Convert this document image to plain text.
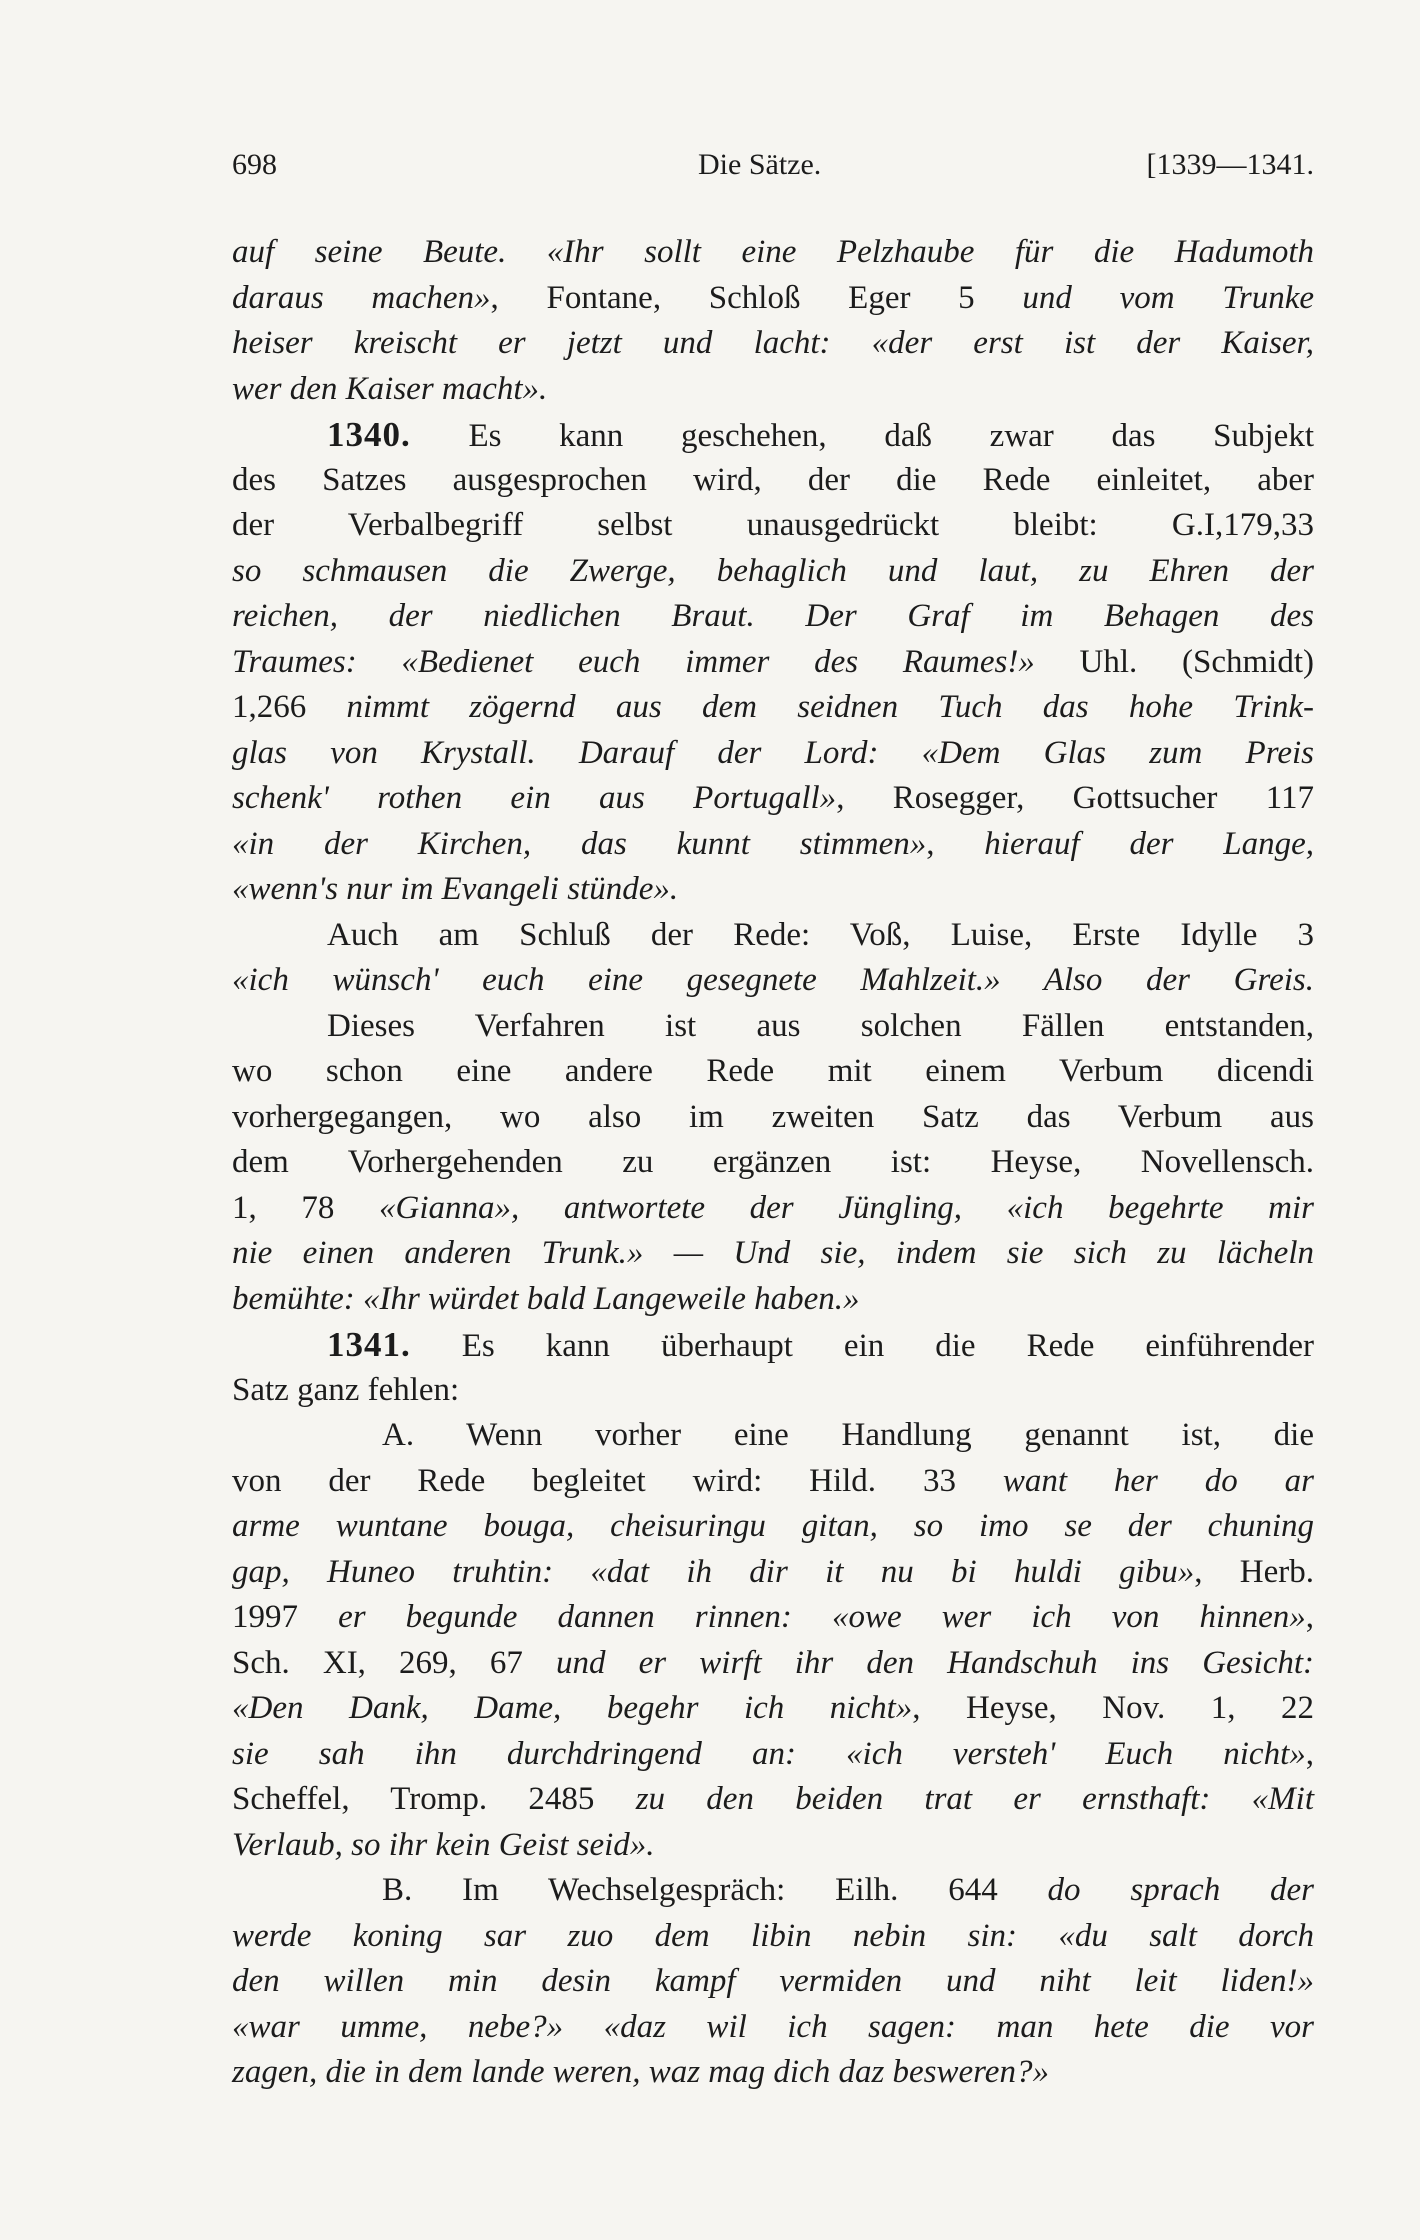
698	Die Sätze.	[1339—1341.
auf seine Beute. «Ihr sollt eine Pelzhaube für die Hadumoth
daraus machen», Fontane, Schloß Eger 5 und vom Trunke
heiser kreischt er jetzt und lacht: «der erst ist der Kaiser,
wer den Kaiser macht».
1340. Es kann geschehen, daß zwar das Subjekt
des Satzes ausgesprochen wird, der die Rede einleitet, aber
der Verbalbegriff selbst unausgedrückt bleibt: G.I,179,33
so schmausen die Zwerge, behaglich und laut, zu Ehren der
reichen, der niedlichen Braut. Der Graf im Behagen des
Traumes: «Bedienet euch immer des Raumes!» Uhl. (Schmidt)
1,266 nimmt zögernd aus dem seidnen Tuch das hohe Trink-
glas von Krystall. Darauf der Lord: «Dem Glas zum Preis
schenk' rothen ein aus Portugall», Rosegger, Gottsucher 117
«in der Kirchen, das kunnt stimmen», hierauf der Lange,
«wenn's nur im Evangeli stünde».
Auch am Schluß der Rede: Voß, Luise, Erste Idylle 3
«ich wünsch' euch eine gesegnete Mahlzeit.» Also der Greis.
Dieses Verfahren ist aus solchen Fällen entstanden,
wo schon eine andere Rede mit einem Verbum dicendi
vorhergegangen, wo also im zweiten Satz das Verbum aus
dem Vorhergehenden zu ergänzen ist: Heyse, Novellensch.
1, 78 «Gianna», antwortete der Jüngling, «ich begehrte mir
nie einen anderen Trunk.» — Und sie, indem sie sich zu lächeln
bemühte: «Ihr würdet bald Langeweile haben.»
1341. Es kann überhaupt ein die Rede einführender
Satz ganz fehlen:
A. Wenn vorher eine Handlung genannt ist, die
von der Rede begleitet wird: Hild. 33 want her do ar
arme wuntane bouga, cheisuringu gitan, so imo se der chuning
gap, Huneo truhtin: «dat ih dir it nu bi huldi gibu», Herb.
1997 er begunde dannen rinnen: «owe wer ich von hinnen»,
Sch. XI, 269, 67 und er wirft ihr den Handschuh ins Gesicht:
«Den Dank, Dame, begehr ich nicht», Heyse, Nov. 1, 22
sie sah ihn durchdringend an: «ich versteh' Euch nicht»,
Scheffel, Tromp. 2485 zu den beiden trat er ernsthaft: «Mit
Verlaub, so ihr kein Geist seid».
B. Im Wechselgespräch: Eilh. 644 do sprach der
werde koning sar zuo dem libin nebin sin: «du salt dorch
den willen min desin kampf vermiden und niht leit liden!»
«war umme, nebe?» «daz wil ich sagen: man hete die vor
zagen, die in dem lande weren, waz mag dich daz besweren?»
